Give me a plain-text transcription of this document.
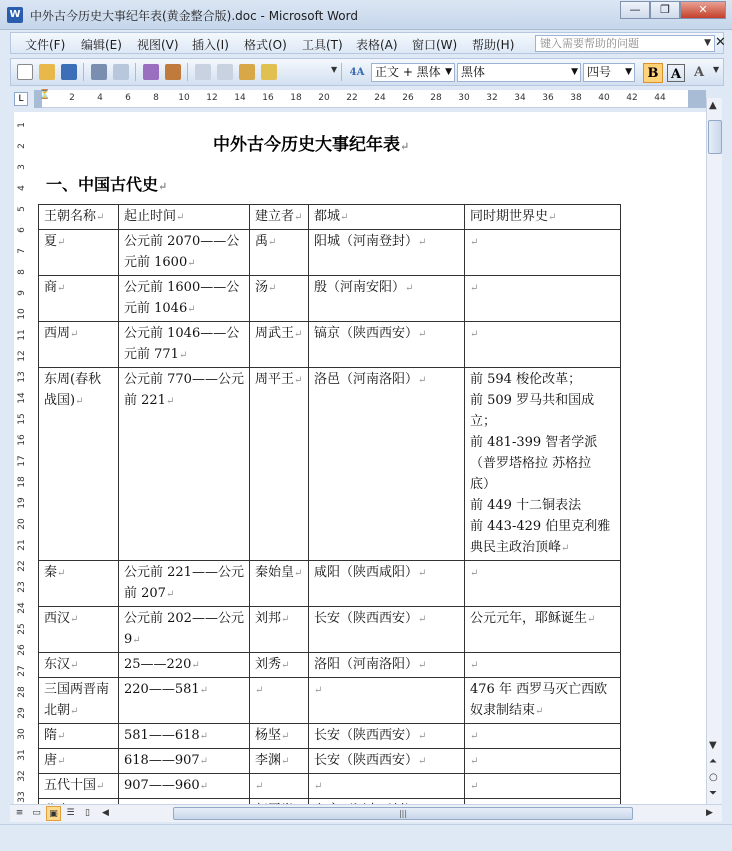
W 中外古今历史大事纪年表(黄金整合版).doc - Microsoft Word	—	❐	✕
文件(F) 编辑(E) 视图(V) 插入(I) 格式(O) 工具(T) 表格(A) 窗口(W) 帮助(H)	键入需要帮助的问题	▼ ✕
▼ 4A 正文 + 黑体 ▼ 黑体	▼ 四号 ▼	B A A	▼
L	⏳ 2 4 6 8 10 12 14 16 18 20 22 24 26 28 30 32 34 36 38 40 42 44
1
2
3
4
5
6
7
8
9
10
11
12
13
14
15
16
17
18
19
20
21
22
23
24
25
26
27
28
29
30
31
32
33
中外古今历史大事纪年表↵
一、中国古代史↵
王朝名称 ↵	起止时间 ↵	建立者 ↵	都城 ↵	同时期世界史 ↵
夏 ↵	公元前 2070——公元前 1600 ↵	禹 ↵	阳城（河南登封） ↵	↵
商 ↵	公元前 1600——公元前 1046 ↵	汤 ↵	殷（河南安阳） ↵	↵
西周 ↵	公元前 1046——公元前 771 ↵	周武王 ↵	镐京（陕西西安） ↵	↵
东周(春秋战国) ↵	公元前 770——公元前 221 ↵	周平王 ↵	洛邑（河南洛阳） ↵	前 594 梭伦改革；
前 509 罗马共和国成立；
前 481-399 智者学派（普罗塔格拉 苏格拉底）
前 449 十二铜表法
前 443-429 伯里克利雅典民主政治顶峰 ↵
秦 ↵	公元前 221——公元前 207 ↵	秦始皇 ↵	咸阳（陕西咸阳） ↵	↵
西汉 ↵	公元前 202——公元 9 ↵	刘邦 ↵	长安（陕西西安） ↵	公元元年，耶稣诞生 ↵
东汉 ↵	25——220 ↵	刘秀 ↵	洛阳（河南洛阳） ↵	↵
三国两晋南北朝 ↵	220——581 ↵	↵	↵	476 年 西罗马灭亡西欧奴隶制结束 ↵
隋 ↵	581——618 ↵	杨坚 ↵	长安（陕西西安） ↵	↵
唐 ↵	618——907 ↵	李渊 ↵	长安（陕西西安） ↵	↵
五代十国 ↵	907——960 ↵	↵	↵	↵
↵	↵	↵	↵	↵

▲
▼
⏶
○
⏷
≡ ▭ ▣ ☰	▯	◀	|||	▶
